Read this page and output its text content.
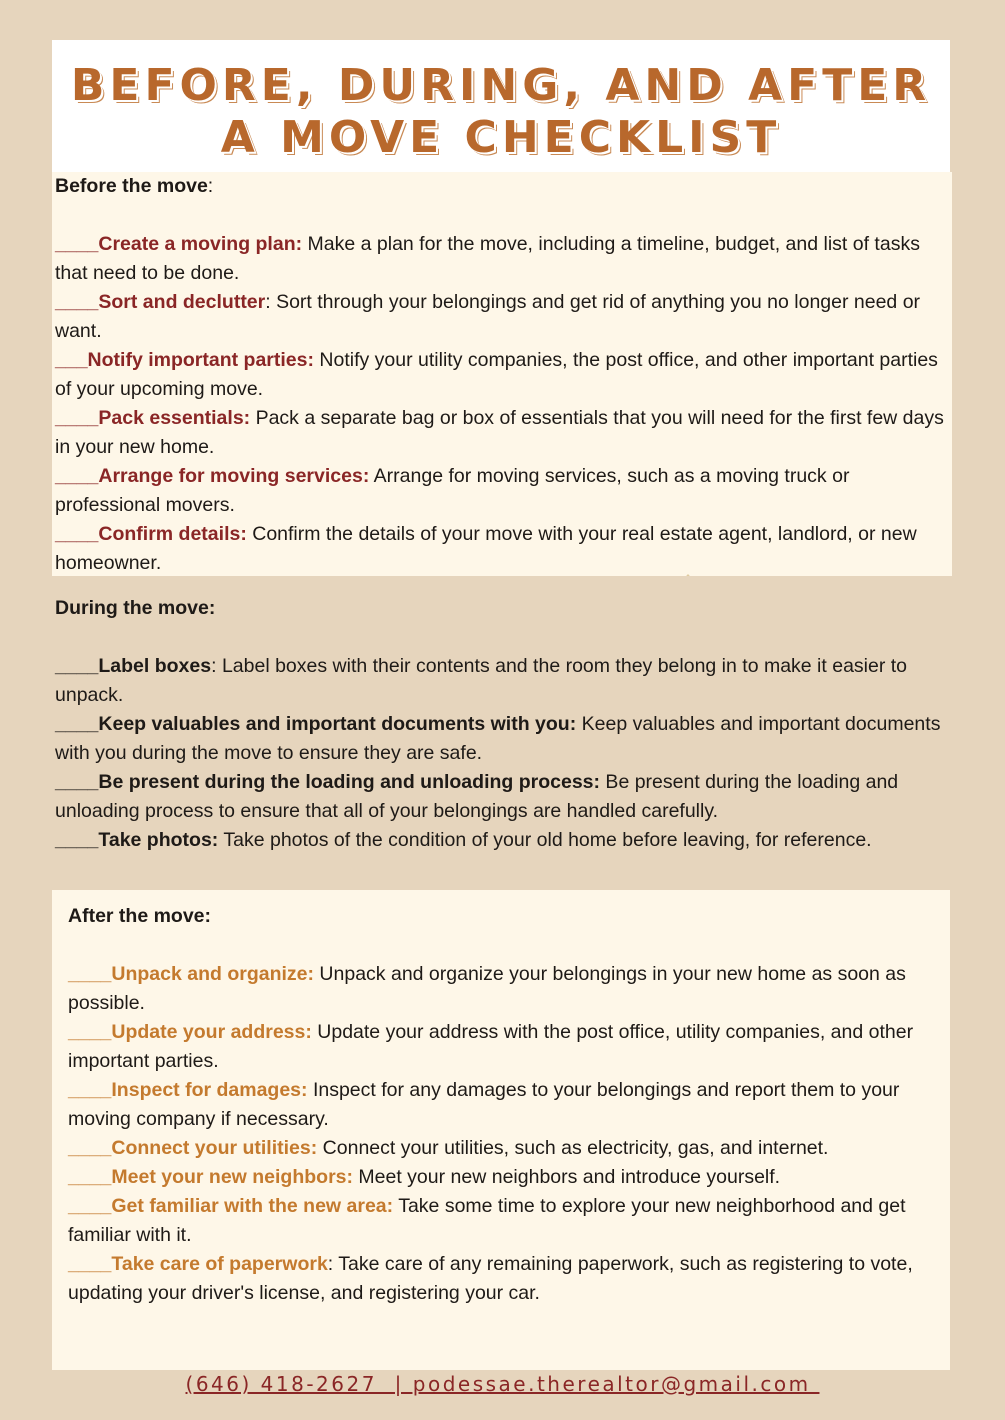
BEFORE, DURING, AND AFTER
A MOVE CHECKLIST

Before the move:

____Create a moving plan: Make a plan for the move, including a timeline, budget, and list of tasks that need to be done.

____Sort and declutter: Sort through your belongings and get rid of anything you no longer need or want.

___Notify important parties: Notify your utility companies, the post office, and other important parties of your upcoming move.

____Pack essentials: Pack a separate bag or box of essentials that you will need for the first few days in your new home.

____Arrange for moving services: Arrange for moving services, such as a moving truck or professional movers.

____Confirm details: Confirm the details of your move with your real estate agent, landlord, or new homeowner.

During the move:

____Label boxes: Label boxes with their contents and the room they belong in to make it easier to unpack.

____Keep valuables and important documents with you: Keep valuables and important documents with you during the move to ensure they are safe.

____Be present during the loading and unloading process: Be present during the loading and unloading process to ensure that all of your belongings are handled carefully.

____Take photos: Take photos of the condition of your old home before leaving, for reference.

After the move:

____Unpack and organize: Unpack and organize your belongings in your new home as soon as possible.

____Update your address: Update your address with the post office, utility companies, and other important parties.

____Inspect for damages: Inspect for any damages to your belongings and report them to your moving company if necessary.

____Connect your utilities: Connect your utilities, such as electricity, gas, and internet.

____Meet your new neighbors: Meet your new neighbors and introduce yourself.

____Get familiar with the new area: Take some time to explore your new neighborhood and get familiar with it.

____Take care of paperwork: Take care of any remaining paperwork, such as registering to vote, updating your driver's license, and registering your car.

(646) 418-2627  | podessae.therealtor@gmail.com
